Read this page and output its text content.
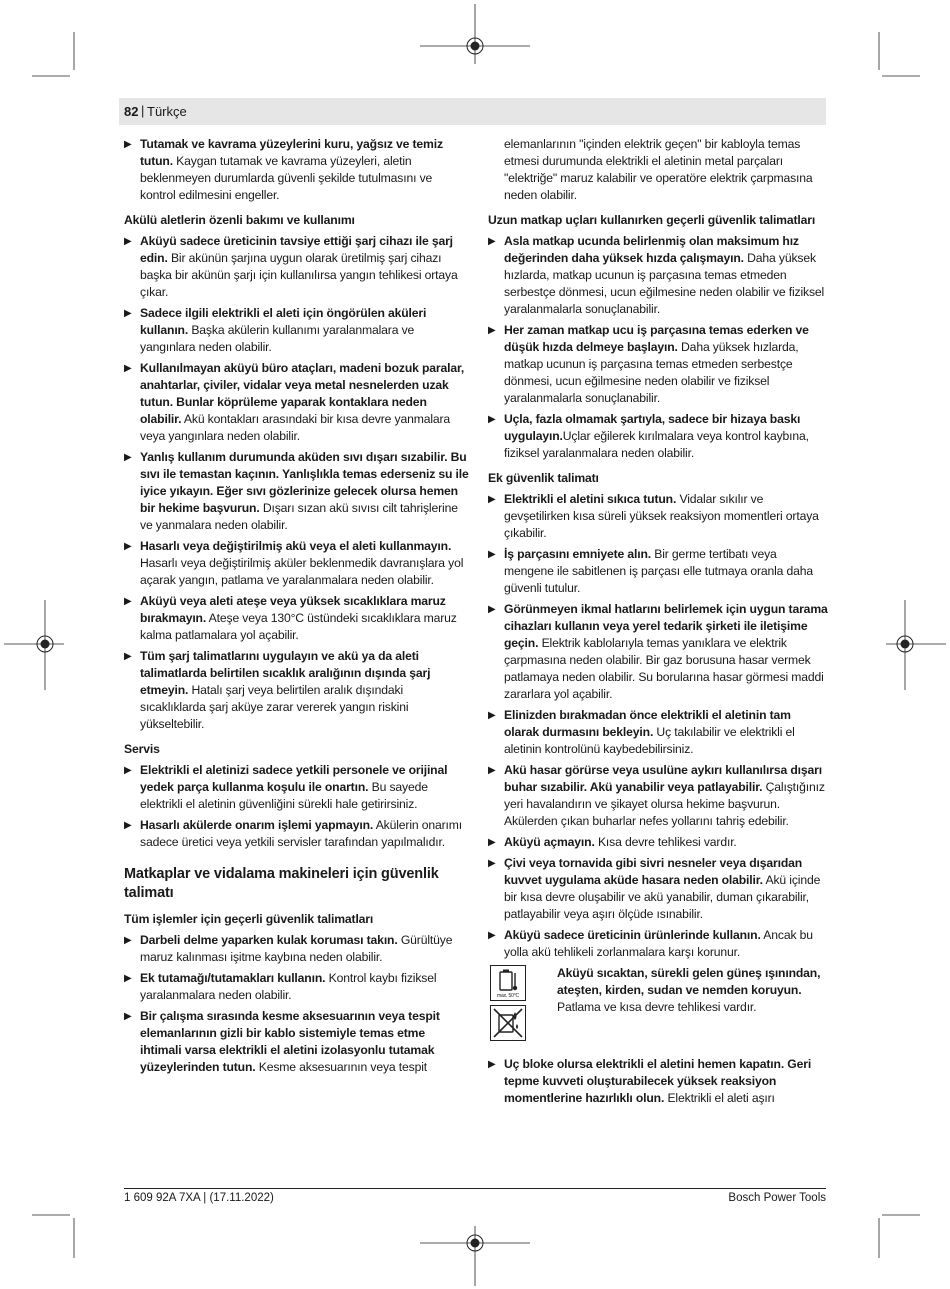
82 | Türkçe
▶ Tutamak ve kavrama yüzeylerini kuru, yağsız ve temiz tutun. Kaygan tutamak ve kavrama yüzeyleri, aletin beklenmeyen durumlarda güvenli şekilde tutulmasını ve kontrol edilmesini engeller.
Akülü aletlerin özenli bakımı ve kullanımı
▶ Aküyü sadece üreticinin tavsiye ettiği şarj cihazı ile şarj edin. Bir akünün şarjına uygun olarak üretilmiş şarj cihazı başka bir akünün şarjı için kullanılırsa yangın tehlikesi ortaya çıkar.
▶ Sadece ilgili elektrikli el aleti için öngörülen aküleri kullanın. Başka akülerin kullanımı yaralanmalara ve yangınlara neden olabilir.
▶ Kullanılmayan aküyü büro ataçları, madeni bozuk paralar, anahtarlar, çiviler, vidalar veya metal nesnelerden uzak tutun. Bunlar köprüleme yaparak kontaklara neden olabilir. Akü kontakları arasındaki bir kısa devre yanmalara veya yangınlara neden olabilir.
▶ Yanlış kullanım durumunda aküden sıvı dışarı sızabilir. Bu sıvı ile temastan kaçının. Yanlışlıkla temas ederseniz su ile iyice yıkayın. Eğer sıvı gözlerinize gelecek olursa hemen bir hekime başvurun. Dışarı sızan akü sıvısı cilt tahrişlerine ve yanmalara neden olabilir.
▶ Hasarlı veya değiştirilmiş akü veya el aleti kullanmayın. Hasarlı veya değiştirilmiş aküler beklenmedik davranışlara yol açarak yangın, patlama ve yaralanmalara neden olabilir.
▶ Aküyü veya aleti ateşe veya yüksek sıcaklıklara maruz bırakmayın. Ateşe veya 130°C üstündeki sıcaklıklara maruz kalma patlamalara yol açabilir.
▶ Tüm şarj talimatlarını uygulayın ve akü ya da aleti talimatlarda belirtilen sıcaklık aralığının dışında şarj etmeyin. Hatalı şarj veya belirtilen aralık dışındaki sıcaklıklarda şarj aküye zarar vererek yangın riskini yükseltebilir.
Servis
▶ Elektrikli el aletinizi sadece yetkili personele ve orijinal yedek parça kullanma koşulu ile onartın. Bu sayede elektrikli el aletinin güvenliğini sürekli hale getirirsiniz.
▶ Hasarlı akülerde onarım işlemi yapmayın. Akülerin onarımı sadece üretici veya yetkili servisler tarafından yapılmalıdır.
Matkaplar ve vidalama makineleri için güvenlik talimatı
Tüm işlemler için geçerli güvenlik talimatları
▶ Darbeli delme yaparken kulak koruması takın. Gürültüye maruz kalınması işitme kaybına neden olabilir.
▶ Ek tutamağı/tutamakları kullanın. Kontrol kaybı fiziksel yaralanmalara neden olabilir.
▶ Bir çalışma sırasında kesme aksesuarının veya tespit elemanlarının gizli bir kablo sistemiyle temas etme ihtimali varsa elektrikli el aletini izolasyonlu tutamak yüzeylerinden tutun. Kesme aksesuarının veya tespit
elemanlarının "içinden elektrik geçen" bir kabloyla temas etmesi durumunda elektrikli el aletinin metal parçaları "elektriğe" maruz kalabilir ve operatöre elektrik çarpmasına neden olabilir.
Uzun matkap uçları kullanırken geçerli güvenlik talimatları
▶ Asla matkap ucunda belirlenmiş olan maksimum hız değerinden daha yüksek hızda çalışmayın. Daha yüksek hızlarda, matkap ucunun iş parçasına temas etmeden serbestçe dönmesi, ucun eğilmesine neden olabilir ve fiziksel yaralanmalarla sonuçlanabilir.
▶ Her zaman matkap ucu iş parçasına temas ederken ve düşük hızda delmeye başlayın. Daha yüksek hızlarda, matkap ucunun iş parçasına temas etmeden serbestçe dönmesi, ucun eğilmesine neden olabilir ve fiziksel yaralanmalarla sonuçlanabilir.
▶ Uçla, fazla olmamak şartıyla, sadece bir hizaya baskı uygulayın.Uçlar eğilerek kırılmalara veya kontrol kaybına, fiziksel yaralanmalara neden olabilir.
Ek güvenlik talimatı
▶ Elektrikli el aletini sıkıca tutun. Vidalar sıkılır ve gevşetilirken kısa süreli yüksek reaksiyon momentleri ortaya çıkabilir.
▶ İş parçasını emniyete alın. Bir germe tertibatı veya mengene ile sabitlenen iş parçası elle tutmaya oranla daha güvenli tutulur.
▶ Görünmeyen ikmal hatlarını belirlemek için uygun tarama cihazları kullanın veya yerel tedarik şirketi ile iletişime geçin. Elektrik kablolarıyla temas yanıklara ve elektrik çarpmasına neden olabilir. Bir gaz borusuna hasar vermek patlamaya neden olabilir. Su borularına hasar görmesi maddi zararlara yol açabilir.
▶ Elinizden bırakmadan önce elektrikli el aletinin tam olarak durmasını bekleyin. Uç takılabilir ve elektrikli el aletinin kontrolünü kaybedebilirsiniz.
▶ Akü hasar görürse veya usulüne aykırı kullanılırsa dışarı buhar sızabilir. Akü yanabilir veya patlayabilir. Çalıştığınız yeri havalandırın ve şikayet olursa hekime başvurun. Akülerden çıkan buharlar nefes yollarını tahriş edebilir.
▶ Aküyü açmayın. Kısa devre tehlikesi vardır.
▶ Çivi veya tornavida gibi sivri nesneler veya dışarıdan kuvvet uygulama aküde hasara neden olabilir. Akü içinde bir kısa devre oluşabilir ve akü yanabilir, duman çıkarabilir, patlayabilir veya aşırı ölçüde ısınabilir.
▶ Aküyü sadece üreticinin ürünlerinde kullanın. Ancak bu yolla akü tehlikeli zorlanmalara karşı korunur.
max. 50°C
Aküyü sıcaktan, sürekli gelen güneş ışınından, ateşten, kirden, sudan ve nemden koruyun. Patlama ve kısa devre tehlikesi vardır.
▶ Uç bloke olursa elektrikli el aletini hemen kapatın. Geri tepme kuvveti oluşturabilecek yüksek reaksiyon momentlerine hazırlıklı olun. Elektrikli el aleti aşırı
1 609 92A 7XA | (17.11.2022)	Bosch Power Tools
